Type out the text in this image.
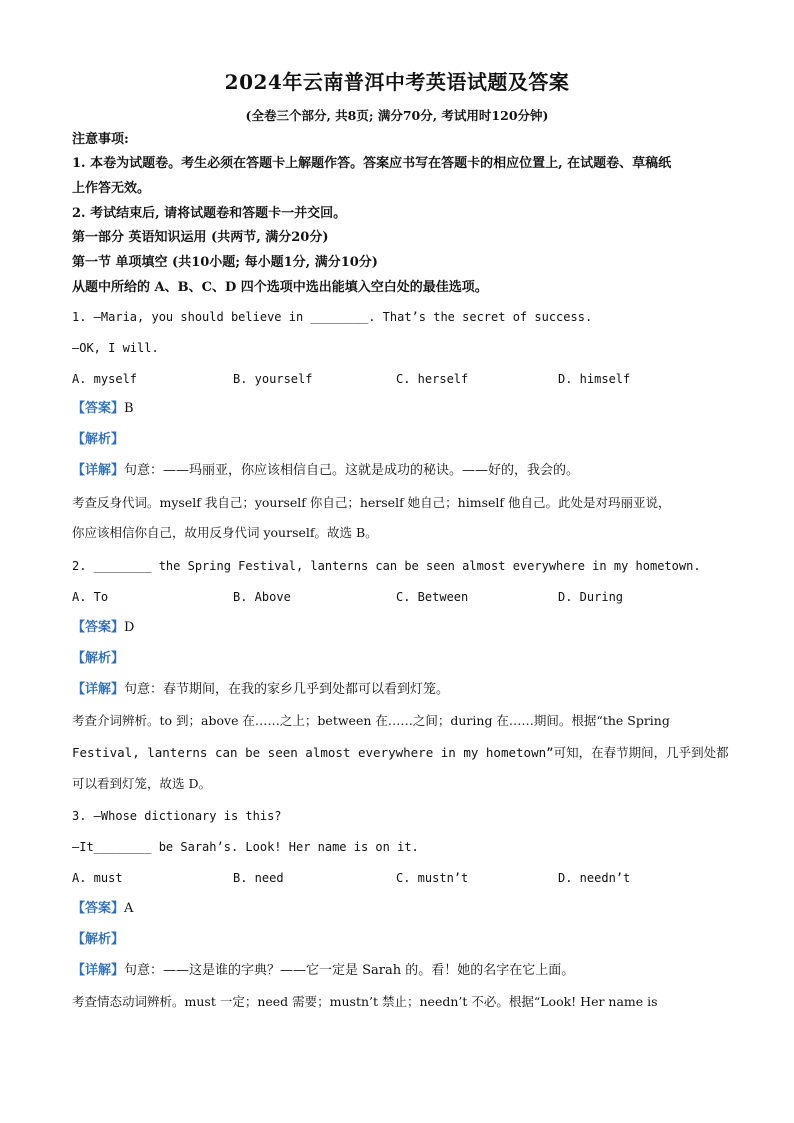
2024年云南普洱中考英语试题及答案
(全卷三个部分, 共8页; 满分70分, 考试用时120分钟)
注意事项:
1. 本卷为试题卷。考生必须在答题卡上解题作答。答案应书写在答题卡的相应位置上, 在试题卷、草稿纸
上作答无效。
2. 考试结束后, 请将试题卷和答题卡一并交回。
第一部分 英语知识运用 (共两节, 满分20分)
第一节 单项填空 (共10小题; 每小题1分, 满分10分)
从题中所给的 A、B、C、D 四个选项中选出能填入空白处的最佳选项。
1. —Maria, you should believe in ________. That’s the secret of success.
—OK, I will.
A. myself	B. yourself	C. herself	D. himself
【答案】B
【解析】
【详解】句意：——玛丽亚，你应该相信自己。这就是成功的秘诀。——好的，我会的。
考查反身代词。myself 我自己；yourself 你自己；herself 她自己；himself 他自己。此处是对玛丽亚说，
你应该相信你自己，故用反身代词 yourself。故选 B。
2. ________ the Spring Festival, lanterns can be seen almost everywhere in my hometown.
A. To	B. Above	C. Between	D. During
【答案】D
【解析】
【详解】句意：春节期间，在我的家乡几乎到处都可以看到灯笼。
考查介词辨析。to 到；above 在……之上；between 在……之间；during 在……期间。根据“the Spring
Festival, lanterns can be seen almost everywhere in my hometown”可知，在春节期间，几乎到处都
可以看到灯笼，故选 D。
3. —Whose dictionary is this?
—It________ be Sarah’s. Look! Her name is on it.
A. must	B. need	C. mustn’t	D. needn’t
【答案】A
【解析】
【详解】句意：——这是谁的字典？——它一定是 Sarah 的。看！她的名字在它上面。
考查情态动词辨析。must 一定；need 需要；mustn’t 禁止；needn’t 不必。根据“Look! Her name is
